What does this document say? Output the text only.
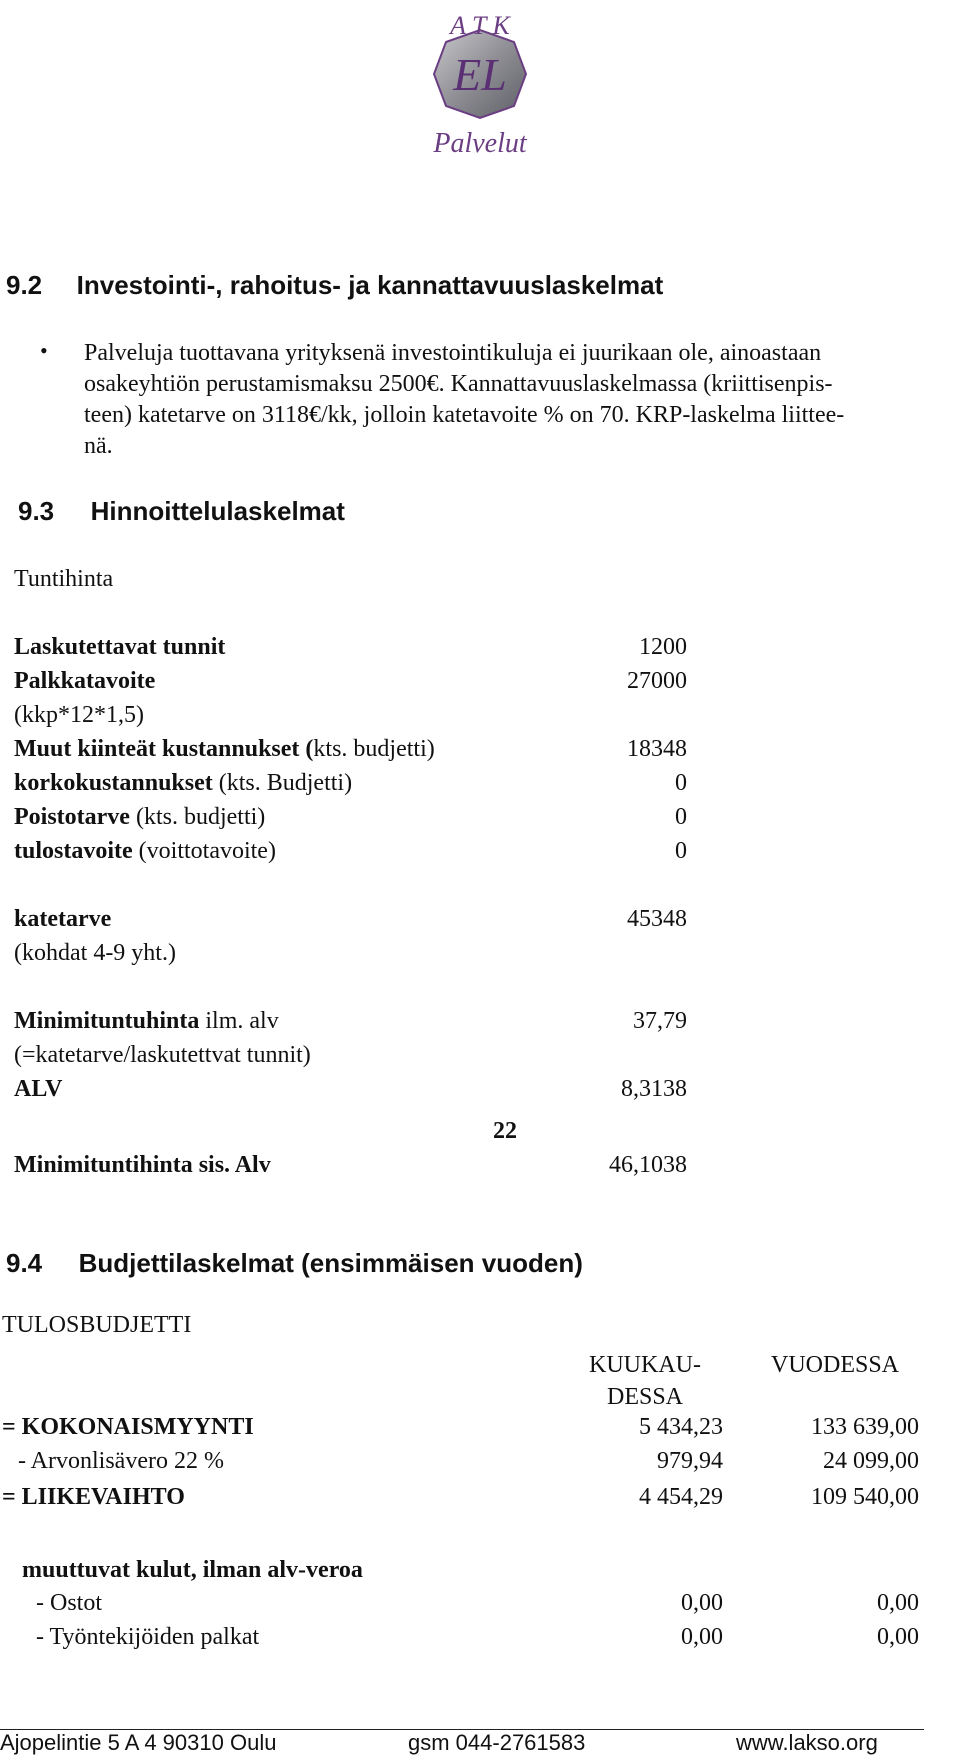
A T K
EL
Palvelut
9.2 Investointi-, rahoitus- ja kannattavuuslaskelmat
• Palveluja tuottavana yrityksenä investointikuluja ei juurikaan ole, ainoastaan
osakeyhtiön perustamismaksu 2500€. Kannattavuuslaskelmassa (kriittisenpis-
teen) katetarve on 3118€/kk, jolloin katetavoite % on 70. KRP-laskelma liittee-
nä.
9.3 Hinnoittelulaskelmat
Tuntihinta
Laskutettavat tunnit	1200
Palkkatavoite	27000
(kkp*12*1,5)
Muut kiinteät kustannukset (kts. budjetti)	18348
korkokustannukset (kts. Budjetti)	0
Poistotarve (kts. budjetti)	0
tulostavoite (voittotavoite)	0
katetarve	45348
(kohdat 4-9 yht.)
Minimituntuhinta ilm. alv	37,79
(=katetarve/laskutettvat tunnit)
ALV	8,3138
Minimituntihinta sis. Alv	46,1038
22
9.4 Budjettilaskelmat (ensimmäisen vuoden)
TULOSBUDJETTI
KUUKAU-
DESSA
VUODESSA
= KOKONAISMYYNTI	5 434,23	133 639,00
- Arvonlisävero 22 %	979,94	24 099,00
= LIIKEVAIHTO	4 454,29	109 540,00
muuttuvat kulut, ilman alv-veroa
- Ostot	0,00	0,00
- Työntekijöiden palkat	0,00	0,00
Ajopelintie 5 A 4 90310 Oulu	gsm 044-2761583	www.lakso.org
